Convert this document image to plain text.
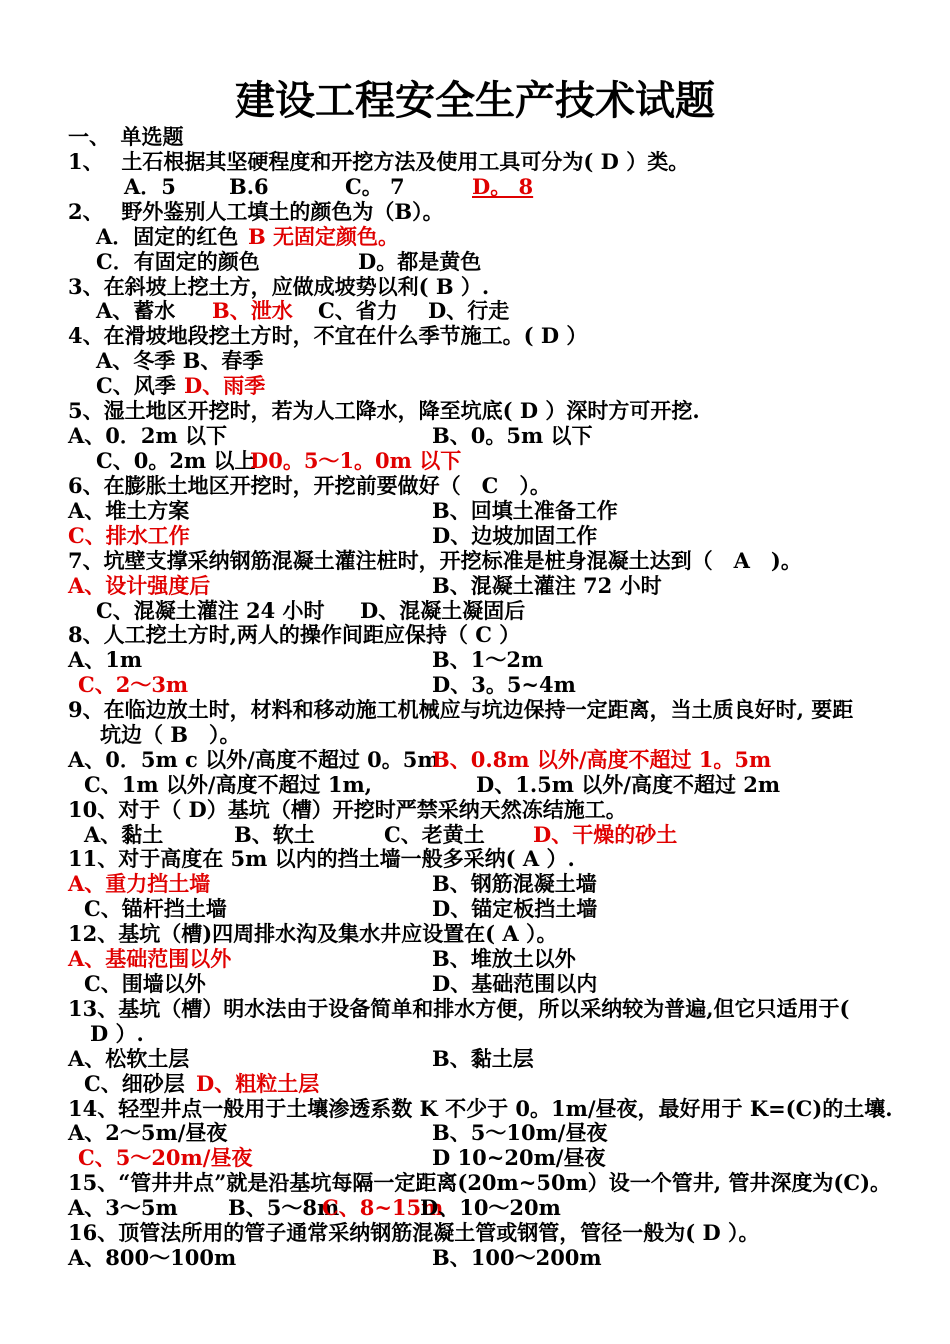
建设工程安全生产技术试题
一、　单选题
1、　 土石根据其坚硬程度和开挖方法及使用工具可分为( D ）类。
A．5	B.6	C。 7	D。 8
2、　 野外鉴别人工填土的颜色为（B）。
A．固定的红色 B 无固定颜色。
C．有固定的颜色	D。都是黄色
3、在斜坡上挖土方，应做成坡势以利( B ）.
A、蓄水 B、泄水 C、省力 D、行走
4、在滑坡地段挖土方时，不宜在什么季节施工。( D ）
A、冬季 B、春季
C、风季 D、雨季
5、湿土地区开挖时，若为人工降水，降至坑底( D ）深时方可开挖.
A、0．2m 以下	B、0。5m 以下
C、0。2m 以上
D0。5～1。0m 以下
6、在膨胀土地区开挖时，开挖前要做好（　C　）。
A、堆土方案	B、回填土准备工作
C、排水工作	D、边坡加固工作
7、坑壁支撑采纳钢筋混凝土灌注桩时，开挖标准是桩身混凝土达到（　A　)。
A、设计强度后	B、混凝土灌注 72 小时
C、混凝土灌注 24 小时 D、混凝土凝固后
8、人工挖土方时,两人的操作间距应保持（ C ）
A、1m	B、1～2m
C、2～3m	D、3。5~4m
9、在临边放土时，材料和移动施工机械应与坑边保持一定距离，当土质良好时, 要距
坑边（ B　）。
A、0．5m c 以外/高度不超过 0。5m
B、0.8m 以外/高度不超过 1。5m
C、1m 以外/高度不超过 1m,	D、1.5m 以外/高度不超过 2m
10、对于（ D）基坑（槽）开挖时严禁采纳天然冻结施工。
A、黏土	B、软土	C、老黄土 D、干燥的砂土
11、对于高度在 5m 以内的挡土墙一般多采纳( A ）.
A、重力挡土墙	B、钢筋混凝土墙
C、锚杆挡土墙	D、锚定板挡土墙
12、基坑（槽)四周排水沟及集水井应设置在( A ）。
A、基础范围以外	B、堆放土以外
C、围墙以外	D、基础范围以内
13、基坑（槽）明水法由于设备简单和排水方便，所以采纳较为普遍,但它只适用于(
D ）.
A、松软土层	B、黏土层
C、细砂层 D、粗粒土层
14、轻型井点一般用于土壤渗透系数 K 不少于 0。1m/昼夜，最好用于 K=(C)的土壤.
A、2～5m/昼夜	B、5～10m/昼夜
C、5～20m/昼夜	D 10~20m/昼夜
15、“管井井点”就是沿基坑每隔一定距离(20m~50m）设一个管井, 管井深度为(C)。
A、3～5m B、5～8m
C、8~15m
D、10～20m
16、顶管法所用的管子通常采纳钢筋混凝土管或钢管，管径一般为( D ）。
A、800～100m	B、100～200m
